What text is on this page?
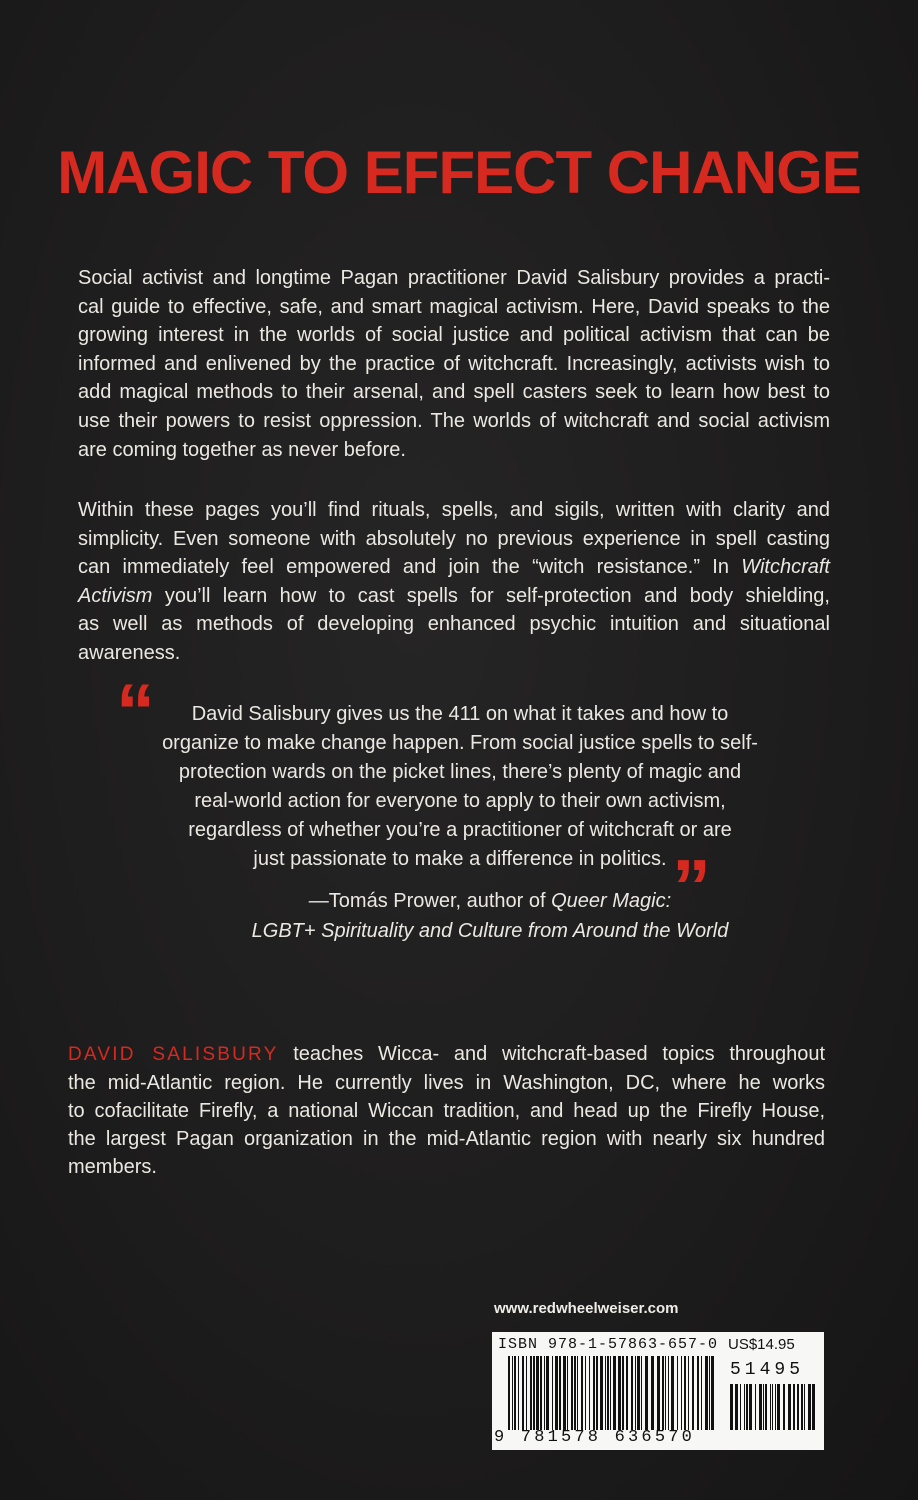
MAGIC TO EFFECT CHANGE
Social activist and longtime Pagan practitioner David Salisbury provides a practi-
cal guide to effective, safe, and smart magical activism. Here, David speaks to the
growing interest in the worlds of social justice and political activism that can be
informed and enlivened by the practice of witchcraft. Increasingly, activists wish to
add magical methods to their arsenal, and spell casters seek to learn how best to
use their powers to resist oppression. The worlds of witchcraft and social activism
are coming together as never before.
Within these pages you’ll find rituals, spells, and sigils, written with clarity and
simplicity. Even someone with absolutely no previous experience in spell casting
can immediately feel empowered and join the “witch resistance.” In Witchcraft
Activism you’ll learn how to cast spells for self-protection and body shielding,
as well as methods of developing enhanced psychic intuition and situational
awareness.
“	David Salisbury gives us the 411 on what it takes and how to
organize to make change happen. From social justice spells to self-
protection wards on the picket lines, there’s plenty of magic and
real-world action for everyone to apply to their own activism,
regardless of whether you’re a practitioner of witchcraft or are
just passionate to make a difference in politics. ”
—Tomás Prower, author of Queer Magic:
LGBT+ Spirituality and Culture from Around the World
DAVID SALISBURY teaches Wicca- and witchcraft-based topics throughout
the mid-Atlantic region. He currently lives in Washington, DC, where he works
to cofacilitate Firefly, a national Wiccan tradition, and head up the Firefly House,
the largest Pagan organization in the mid-Atlantic region with nearly six hundred
members.
www.redwheelweiser.com
ISBN 978-1-57863-657-0 US$14.95
51495
9 781578 636570
